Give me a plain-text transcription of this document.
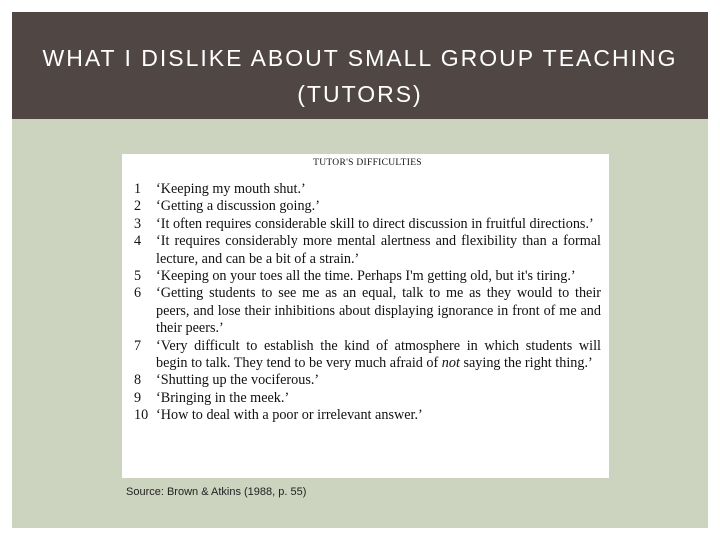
WHAT I DISLIKE ABOUT SMALL GROUP TEACHING
(TUTORS)
TUTOR'S DIFFICULTIES
1	‘Keeping my mouth shut.’
2	‘Getting a discussion going.’
3	‘It often requires considerable skill to direct discussion in fruitful directions.’
4	‘It requires considerably more mental alertness and flexibility than a formal lecture, and can be a bit of a strain.’
5	‘Keeping on your toes all the time. Perhaps I'm getting old, but it's tiring.’
6	‘Getting students to see me as an equal, talk to me as they would to their peers, and lose their inhibitions about displaying ignorance in front of me and their peers.’
7	‘Very difficult to establish the kind of atmosphere in which students will begin to talk. They tend to be very much afraid of not saying the right thing.’
8	‘Shutting up the vociferous.’
9	‘Bringing in the meek.’
10 ‘How to deal with a poor or irrelevant answer.’
Source: Brown & Atkins (1988, p. 55)
